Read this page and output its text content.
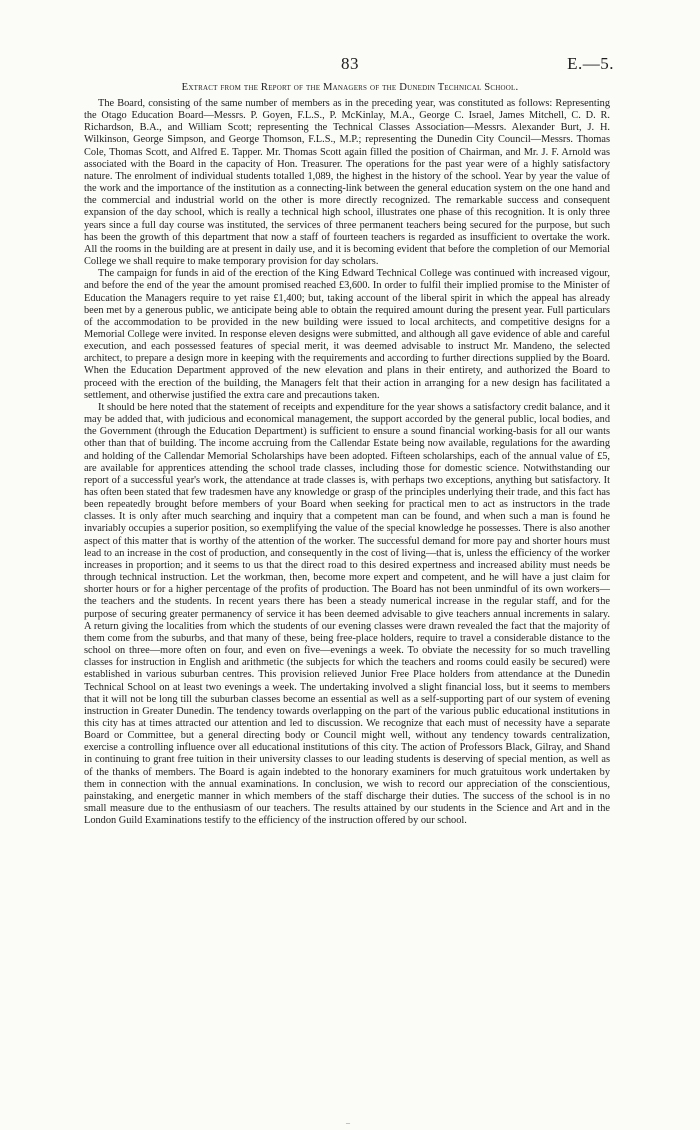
83	E.—5.
Extract from the Report of the Managers of the Dunedin Technical School.

The Board, consisting of the same number of members as in the preceding year, was constituted as follows: Representing the Otago Education Board—Messrs. P. Goyen, F.L.S., P. McKinlay, M.A., George C. Israel, James Mitchell, C. D. R. Richardson, B.A., and William Scott; representing the Technical Classes Association—Messrs. Alexander Burt, J. H. Wilkinson, George Simpson, and George Thomson, F.L.S., M.P.; representing the Dunedin City Council—Messrs. Thomas Cole, Thomas Scott, and Alfred E. Tapper. Mr. Thomas Scott again filled the position of Chairman, and Mr. J. F. Arnold was associated with the Board in the capacity of Hon. Treasurer. The operations for the past year were of a highly satisfactory nature. The enrolment of individual students totalled 1,089, the highest in the history of the school. Year by year the value of the work and the importance of the institution as a connecting-link between the general education system on the one hand and the commercial and industrial world on the other is more directly recognized. The remarkable success and consequent expansion of the day school, which is really a technical high school, illustrates one phase of this recognition. It is only three years since a full day course was instituted, the services of three permanent teachers being secured for the purpose, but such has been the growth of this department that now a staff of fourteen teachers is regarded as insufficient to overtake the work. All the rooms in the building are at present in daily use, and it is becoming evident that before the completion of our Memorial College we shall require to make temporary provision for day scholars.

The campaign for funds in aid of the erection of the King Edward Technical College was continued with increased vigour, and before the end of the year the amount promised reached £3,600. In order to fulfil their implied promise to the Minister of Education the Managers require to yet raise £1,400; but, taking account of the liberal spirit in which the appeal has already been met by a generous public, we anticipate being able to obtain the required amount during the present year. Full particulars of the accommodation to be provided in the new building were issued to local architects, and competitive designs for a Memorial College were invited. In response eleven designs were submitted, and although all gave evidence of able and careful execution, and each possessed features of special merit, it was deemed advisable to instruct Mr. Mandeno, the selected architect, to prepare a design more in keeping with the requirements and according to further directions supplied by the Board. When the Education Department approved of the new elevation and plans in their entirety, and authorized the Board to proceed with the erection of the building, the Managers felt that their action in arranging for a new design has facilitated a settlement, and otherwise justified the extra care and precautions taken.

It should be here noted that the statement of receipts and expenditure for the year shows a satisfactory credit balance, and it may be added that, with judicious and economical management, the support accorded by the general public, local bodies, and the Government (through the Education Department) is sufficient to ensure a sound financial working-basis for all our wants other than that of building. The income accruing from the Callendar Estate being now available, regulations for the awarding and holding of the Callendar Memorial Scholarships have been adopted. Fifteen scholarships, each of the annual value of £5, are available for apprentices attending the school trade classes, including those for domestic science. Notwithstanding our report of a successful year's work, the attendance at trade classes is, with perhaps two exceptions, anything but satisfactory. It has often been stated that few tradesmen have any knowledge or grasp of the principles underlying their trade, and this fact has been repeatedly brought before members of your Board when seeking for practical men to act as instructors in the trade classes. It is only after much searching and inquiry that a competent man can be found, and when such a man is found he invariably occupies a superior position, so exemplifying the value of the special knowledge he possesses. There is also another aspect of this matter that is worthy of the attention of the worker. The successful demand for more pay and shorter hours must lead to an increase in the cost of production, and consequently in the cost of living—that is, unless the efficiency of the worker increases in proportion; and it seems to us that the direct road to this desired expertness and increased ability must needs be through technical instruction. Let the workman, then, become more expert and competent, and he will have a just claim for shorter hours or for a higher percentage of the profits of production. The Board has not been unmindful of its own workers—the teachers and the students. In recent years there has been a steady numerical increase in the regular staff, and for the purpose of securing greater permanency of service it has been deemed advisable to give teachers annual increments in salary. A return giving the localities from which the students of our evening classes were drawn revealed the fact that the majority of them come from the suburbs, and that many of these, being free-place holders, require to travel a considerable distance to the school on three—more often on four, and even on five—evenings a week. To obviate the necessity for so much travelling classes for instruction in English and arithmetic (the subjects for which the teachers and rooms could easily be secured) were established in various suburban centres. This provision relieved Junior Free Place holders from attendance at the Dunedin Technical School on at least two evenings a week. The undertaking involved a slight financial loss, but it seems to members that it will not be long till the suburban classes become an essential as well as a self-supporting part of our system of evening instruction in Greater Dunedin. The tendency towards overlapping on the part of the various public educational institutions in this city has at times attracted our attention and led to discussion. We recognize that each must of necessity have a separate Board or Committee, but a general directing body or Council might well, without any tendency towards centralization, exercise a controlling influence over all educational institutions of this city. The action of Professors Black, Gilray, and Shand in continuing to grant free tuition in their university classes to our leading students is deserving of special mention, as well as of the thanks of members. The Board is again indebted to the honorary examiners for much gratuitous work undertaken by them in connection with the annual examinations. In conclusion, we wish to record our appreciation of the conscientious, painstaking, and energetic manner in which members of the staff discharge their duties. The success of the school is in no small measure due to the enthusiasm of our teachers. The results attained by our students in the Science and Art and in the London Guild Examinations testify to the efficiency of the instruction offered by our school.

–
